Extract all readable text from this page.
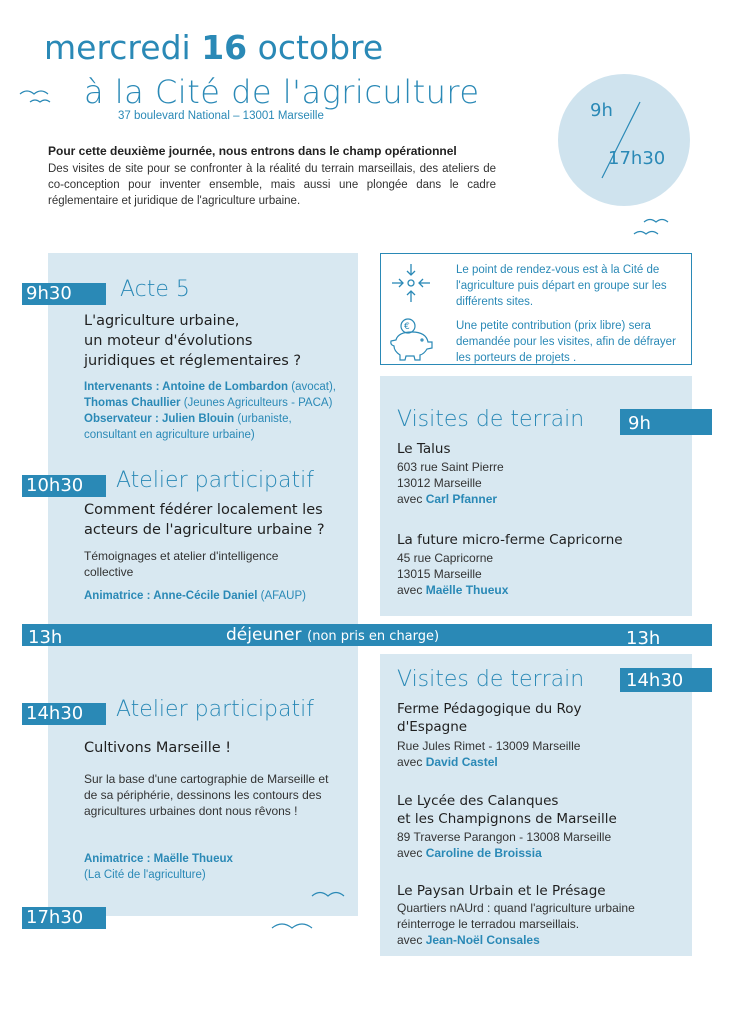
mercredi 16 octobre
à la Cité de l'agriculture
37 boulevard National – 13001 Marseille	9h
17h30
Pour cette deuxième journée, nous entrons dans le champ opérationnel
Des visites de site pour se confronter à la réalité du terrain marseillais, des ateliers de co-conception pour inventer ensemble, mais aussi une plongée dans le cadre réglementaire et juridique de l'agriculture urbaine.
9h30	Acte 5
L'agriculture urbaine,
un moteur d'évolutions
juridiques et réglementaires ?
Intervenants : Antoine de Lombardon (avocat),
Thomas Chaullier (Jeunes Agriculteurs - PACA)
Observateur : Julien Blouin (urbaniste, consultant en agriculture urbaine)
10h30	Atelier participatif
Comment fédérer localement les
acteurs de l'agriculture urbaine ?
Témoignages et atelier d'intelligence collective
Animatrice : Anne-Cécile Daniel (AFAUP)
14h30	Atelier participatif
Cultivons Marseille !
Sur la base d'une cartographie de Marseille et de sa périphérie, dessinons les contours des agricultures urbaines dont nous rêvons !
Animatrice : Maëlle Thueux
(La Cité de l'agriculture)
17h30
€
Le point de rendez-vous est à la Cité de l'agriculture puis départ en groupe sur les différents sites.
Une petite contribution (prix libre) sera demandée pour les visites, afin de défrayer les porteurs de projets .
Visites de terrain	9h
Le Talus
603 rue Saint Pierre
13012 Marseille
avec Carl Pfanner
La future micro-ferme Capricorne
45 rue Capricorne
13015 Marseille
avec Maëlle Thueux
13h	déjeuner (non pris en charge)	13h
Visites de terrain	14h30
Ferme Pédagogique du Roy
d'Espagne
Rue Jules Rimet - 13009 Marseille
avec David Castel
Le Lycée des Calanques
et les Champignons de Marseille
89 Traverse Parangon - 13008 Marseille
avec Caroline de Broissia
Le Paysan Urbain et le Présage
Quartiers nAUrd : quand l'agriculture urbaine
réinterroge le terradou marseillais.
avec Jean-Noël Consales
